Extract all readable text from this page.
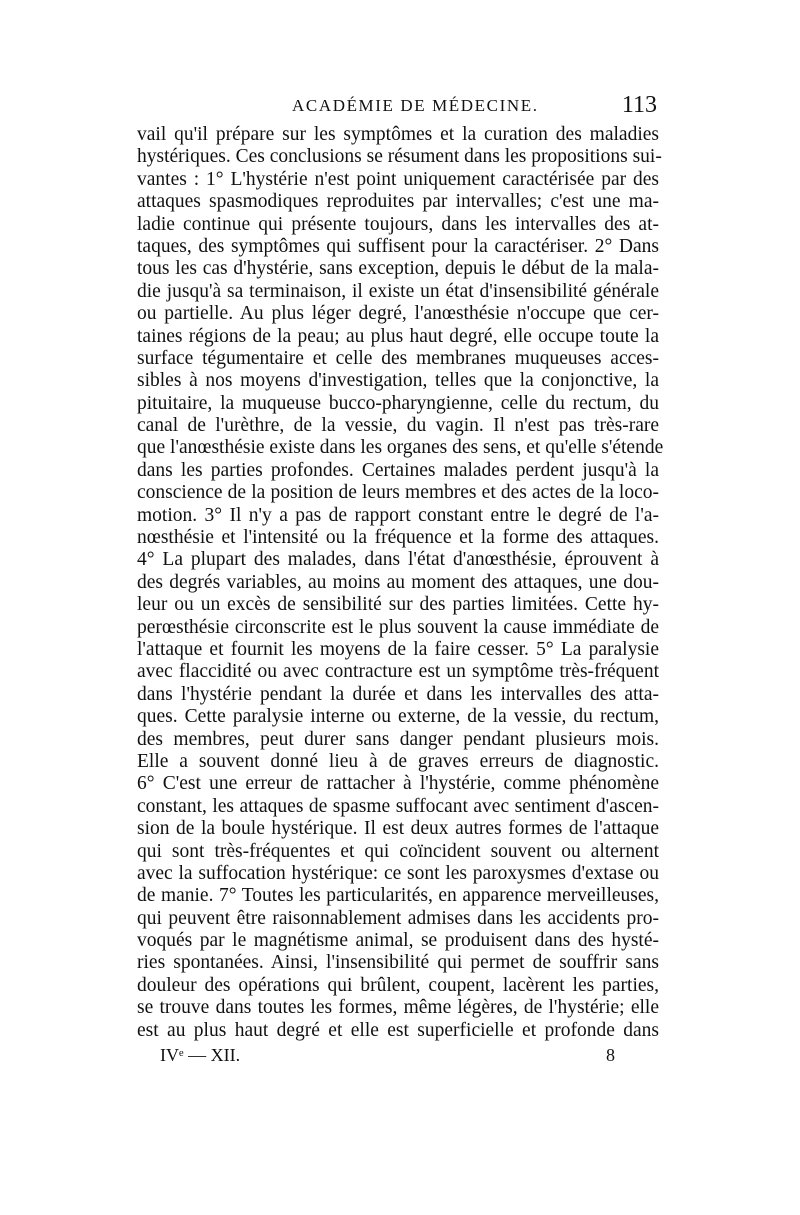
ACADÉMIE DE MÉDECINE.	113
vail qu'il prépare sur les symptômes et la curation des maladies
hystériques. Ces conclusions se résument dans les propositions sui-
vantes : 1° L'hystérie n'est point uniquement caractérisée par des
attaques spasmodiques reproduites par intervalles; c'est une ma-
ladie continue qui présente toujours, dans les intervalles des at-
taques, des symptômes qui suffisent pour la caractériser. 2° Dans
tous les cas d'hystérie, sans exception, depuis le début de la mala-
die jusqu'à sa terminaison, il existe un état d'insensibilité générale
ou partielle. Au plus léger degré, l'anœsthésie n'occupe que cer-
taines régions de la peau; au plus haut degré, elle occupe toute la
surface tégumentaire et celle des membranes muqueuses acces-
sibles à nos moyens d'investigation, telles que la conjonctive, la
pituitaire, la muqueuse bucco-pharyngienne, celle du rectum, du
canal de l'urèthre, de la vessie, du vagin. Il n'est pas très-rare
que l'anœsthésie existe dans les organes des sens, et qu'elle s'étende
dans les parties profondes. Certaines malades perdent jusqu'à la
conscience de la position de leurs membres et des actes de la loco-
motion. 3° Il n'y a pas de rapport constant entre le degré de l'a-
nœsthésie et l'intensité ou la fréquence et la forme des attaques.
4° La plupart des malades, dans l'état d'anœsthésie, éprouvent à
des degrés variables, au moins au moment des attaques, une dou-
leur ou un excès de sensibilité sur des parties limitées. Cette hy-
perœsthésie circonscrite est le plus souvent la cause immédiate de
l'attaque et fournit les moyens de la faire cesser. 5° La paralysie
avec flaccidité ou avec contracture est un symptôme très-fréquent
dans l'hystérie pendant la durée et dans les intervalles des atta-
ques. Cette paralysie interne ou externe, de la vessie, du rectum,
des membres, peut durer sans danger pendant plusieurs mois.
Elle a souvent donné lieu à de graves erreurs de diagnostic.
6° C'est une erreur de rattacher à l'hystérie, comme phénomène
constant, les attaques de spasme suffocant avec sentiment d'ascen-
sion de la boule hystérique. Il est deux autres formes de l'attaque
qui sont très-fréquentes et qui coïncident souvent ou alternent
avec la suffocation hystérique: ce sont les paroxysmes d'extase ou
de manie. 7° Toutes les particularités, en apparence merveilleuses,
qui peuvent être raisonnablement admises dans les accidents pro-
voqués par le magnétisme animal, se produisent dans des hysté-
ries spontanées. Ainsi, l'insensibilité qui permet de souffrir sans
douleur des opérations qui brûlent, coupent, lacèrent les parties,
se trouve dans toutes les formes, même légères, de l'hystérie; elle
est au plus haut degré et elle est superficielle et profonde dans
IVᵉ — XII.	8
